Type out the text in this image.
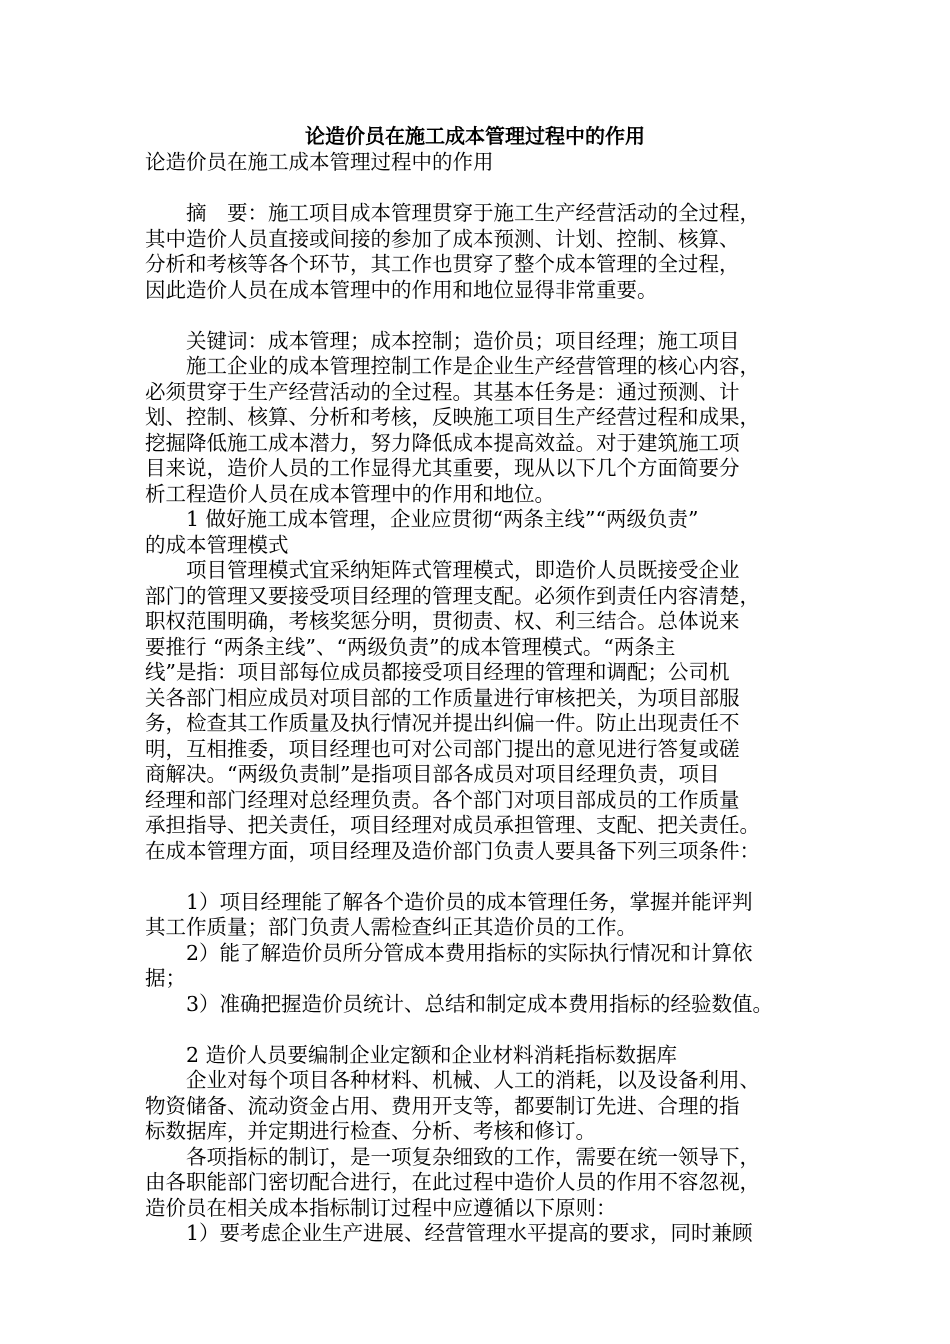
论造价员在施工成本管理过程中的作用
论造价员在施工成本管理过程中的作用
　　摘　要：施工项目成本管理贯穿于施工生产经营活动的全过程，
其中造价人员直接或间接的参加了成本预测、计划、控制、核算、
分析和考核等各个环节，其工作也贯穿了整个成本管理的全过程，
因此造价人员在成本管理中的作用和地位显得非常重要。
　　关键词：成本管理；成本控制；造价员；项目经理；施工项目
　　施工企业的成本管理控制工作是企业生产经营管理的核心内容，
必须贯穿于生产经营活动的全过程。其基本任务是：通过预测、计
划、控制、核算、分析和考核，反映施工项目生产经营过程和成果，
挖掘降低施工成本潜力，努力降低成本提高效益。对于建筑施工项
目来说，造价人员的工作显得尤其重要，现从以下几个方面简要分
析工程造价人员在成本管理中的作用和地位。
　　1 做好施工成本管理，企业应贯彻“两条主线”“两级负责”
的成本管理模式
　　项目管理模式宜采纳矩阵式管理模式，即造价人员既接受企业
部门的管理又要接受项目经理的管理支配。必须作到责任内容清楚，
职权范围明确，考核奖惩分明，贯彻责、权、利三结合。总体说来
要推行 “两条主线”、“两级负责”的成本管理模式。“两条主
线”是指：项目部每位成员都接受项目经理的管理和调配；公司机
关各部门相应成员对项目部的工作质量进行审核把关，为项目部服
务，检查其工作质量及执行情况并提出纠偏一件。防止出现责任不
明，互相推委，项目经理也可对公司部门提出的意见进行答复或磋
商解决。“两级负责制”是指项目部各成员对项目经理负责，项目
经理和部门经理对总经理负责。各个部门对项目部成员的工作质量
承担指导、把关责任，项目经理对成员承担管理、支配、把关责任。
在成本管理方面，项目经理及造价部门负责人要具备下列三项条件：
　　1）项目经理能了解各个造价员的成本管理任务，掌握并能评判
其工作质量；部门负责人需检查纠正其造价员的工作。
　　2）能了解造价员所分管成本费用指标的实际执行情况和计算依
据；
　　3）准确把握造价员统计、总结和制定成本费用指标的经验数值。
　　2 造价人员要编制企业定额和企业材料消耗指标数据库
　　企业对每个项目各种材料、机械、人工的消耗，以及设备利用、
物资储备、流动资金占用、费用开支等，都要制订先进、合理的指
标数据库，并定期进行检查、分析、考核和修订。
　　各项指标的制订，是一项复杂细致的工作，需要在统一领导下，
由各职能部门密切配合进行，在此过程中造价人员的作用不容忽视，
造价员在相关成本指标制订过程中应遵循以下原则：
　　1）要考虑企业生产进展、经营管理水平提高的要求，同时兼顾
